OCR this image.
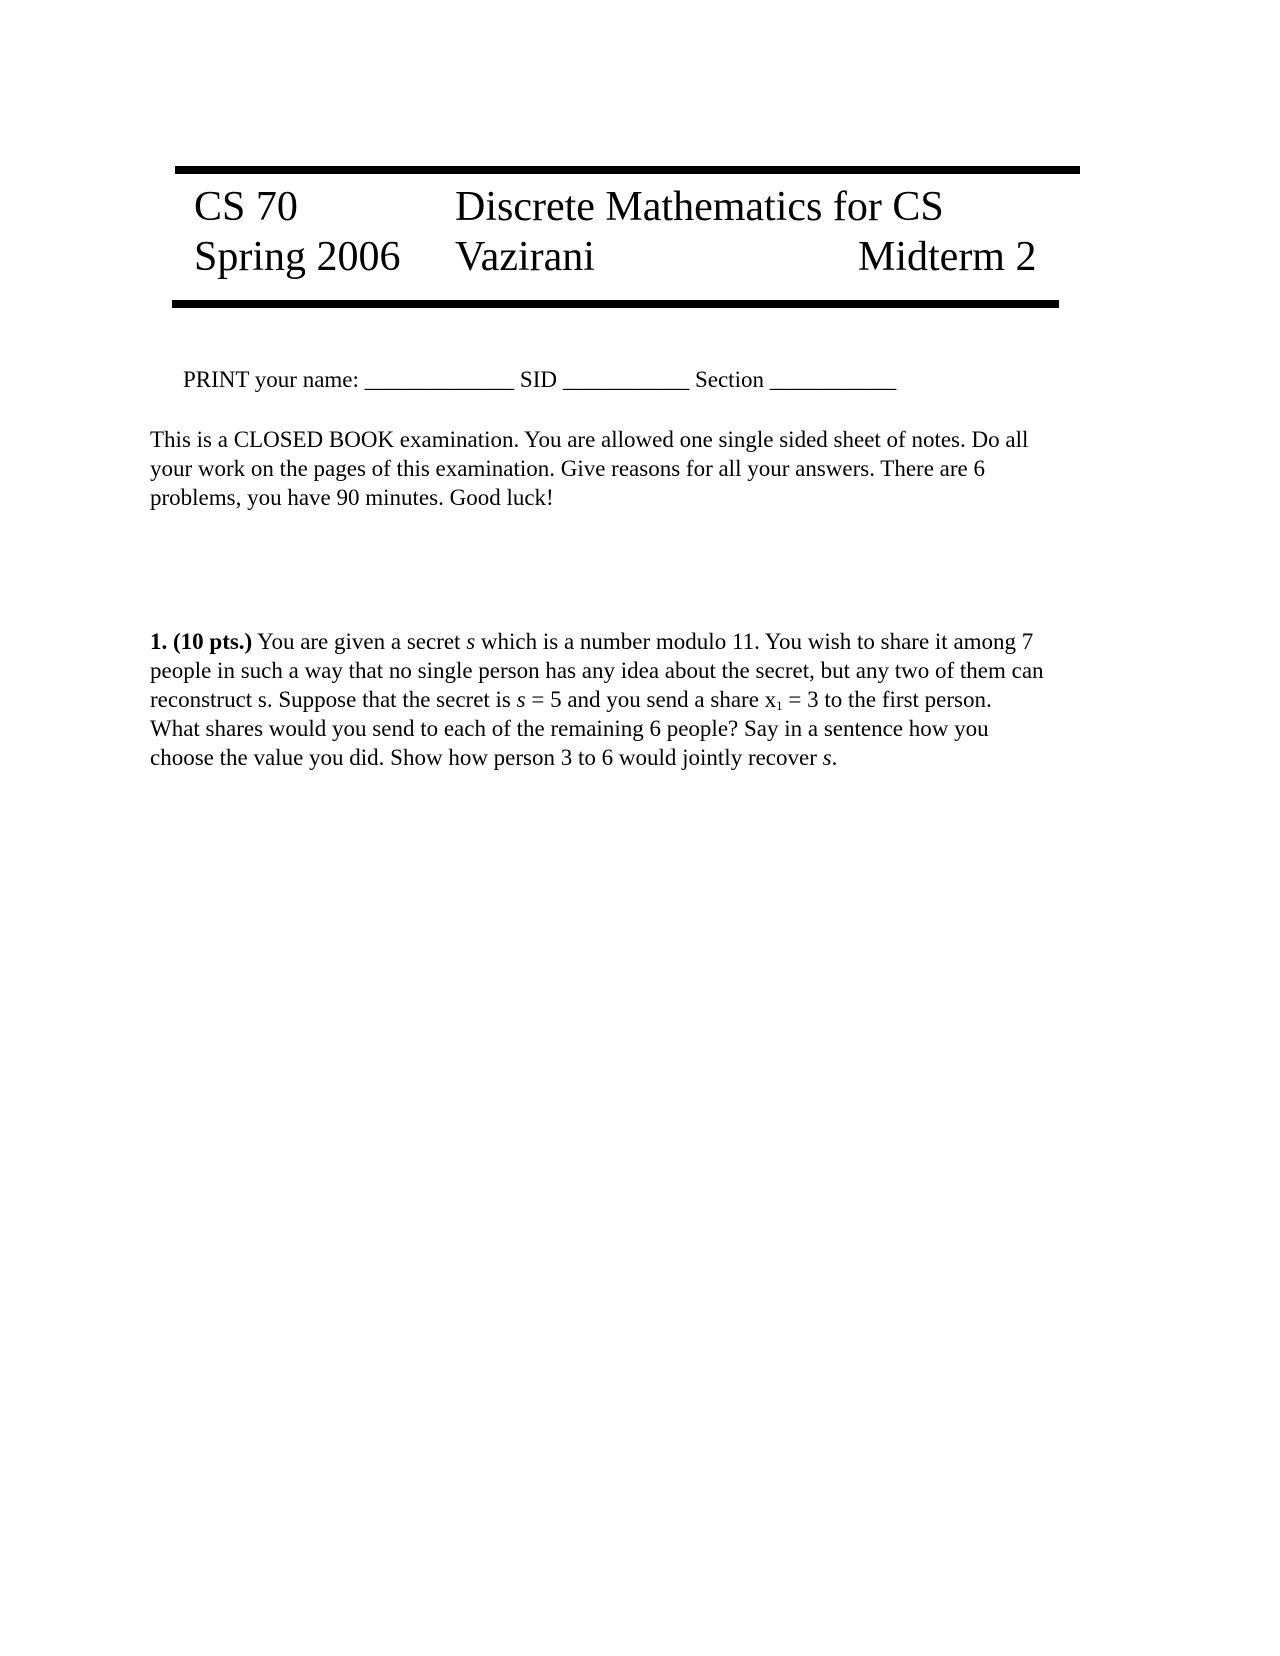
CS 70	Discrete Mathematics for CS
Spring 2006 Vazirani	Midterm 2
PRINT your name: _____________ SID ___________ Section ___________
This is a CLOSED BOOK examination. You are allowed one single sided sheet of notes. Do all
your work on the pages of this examination. Give reasons for all your answers. There are 6
problems, you have 90 minutes. Good luck!
1. (10 pts.) You are given a secret s which is a number modulo 11. You wish to share it among 7
people in such a way that no single person has any idea about the secret, but any two of them can
reconstruct s. Suppose that the secret is s = 5 and you send a share $x_1 = 3$ to the first person.
What shares would you send to each of the remaining 6 people? Say in a sentence how you
choose the value you did. Show how person 3 to 6 would jointly recover s.
